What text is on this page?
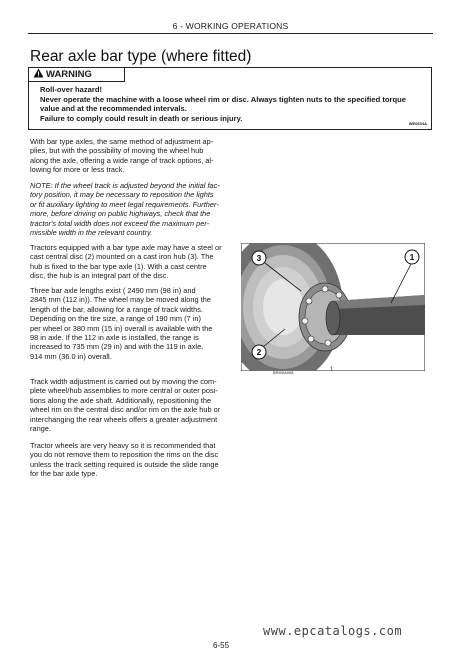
6 - WORKING OPERATIONS
Rear axle bar type (where fitted)
WARNING
Roll-over hazard!
Never operate the machine with a loose wheel rim or disc. Always tighten nuts to the specified torque
value and at the recommended intervals.
Failure to comply could result in death or serious injury.
WE0654A
With bar type axles, the same method of adjustment ap-
plies, but with the possibility of moving the wheel hub
along the axle, offering a wide range of track options, al-
lowing for more or less track.
NOTE: If the wheel track is adjusted beyond the initial fac-
tory position, it may be necessary to reposition the lights
or fit auxiliary lighting to meet legal requirements. Further-
more, before driving on public highways, check that the
tractor's total width does not exceed the maximum per-
missible width in the relevant country.
Tractors equipped with a bar type axle may have a steel or
cast central disc (2) mounted on a cast iron hub (3). The
hub is fixed to the bar type axle (1). With a cast centre
disc, the hub is an integral part of the disc.
Three bar axle lengths exist ( 2490 mm (98 in) and
2845 mm (112 in)). The wheel may be moved along the
length of the bar, allowing for a range of track widths.
Depending on the tire size, a range of 190 mm (7 in)
per wheel or 380 mm (15 in) overall is available with the
98 in axle. If the 112 in axle is installed, the range is
increased to 735 mm (29 in) and with the 119 in axle,
914 mm (36.0 in) overall.
Track width adjustment is carried out by moving the com-
plete wheel/hub assemblies to more central or outer posi-
tions along the axle shaft. Additionally, repositioning the
wheel rim on the central disc and/or rim on the axle hub or
interchanging the rear wheels offers a greater adjustment
range.
Tractor wheels are very heavy so it is recommended that
you do not remove them to reposition the rims on the disc
unless the track setting required is outside the slide range
for the bar axle type.
3	1
2
BRI00A008	1
www.epcatalogs.com
6-55
